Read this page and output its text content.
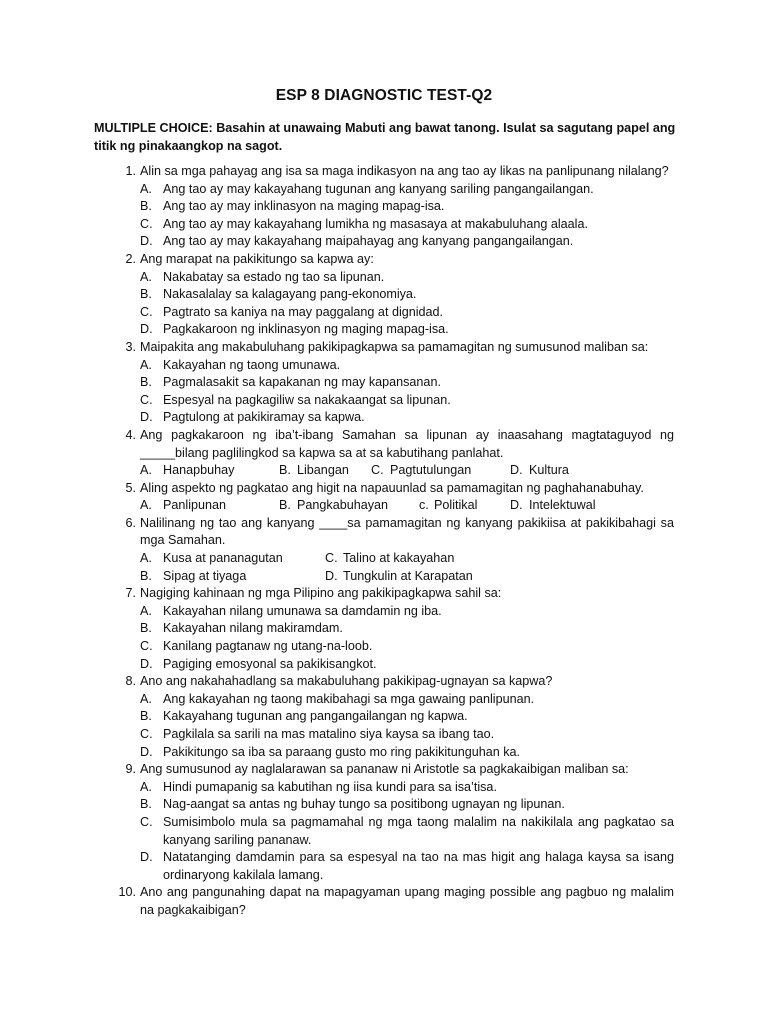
ESP 8 DIAGNOSTIC TEST-Q2
MULTIPLE CHOICE: Basahin at unawaing Mabuti ang bawat tanong. Isulat sa sagutang papel ang titik ng pinakaangkop na sagot.
1. Alin sa mga pahayag ang isa sa maga indikasyon na ang tao ay likas na panlipunang nilalang?
A. Ang tao ay may kakayahang tugunan ang kanyang sariling pangangailangan.
B. Ang tao ay may inklinasyon na maging mapag-isa.
C. Ang tao ay may kakayahang lumikha ng masasaya at makabuluhang alaala.
D. Ang tao ay may kakayahang maipahayag ang kanyang pangangailangan.
2. Ang marapat na pakikitungo sa kapwa ay:
A. Nakabatay sa estado ng tao sa lipunan.
B. Nakasalalay sa kalagayang pang-ekonomiya.
C. Pagtrato sa kaniya na may paggalang at dignidad.
D. Pagkakaroon ng inklinasyon ng maging mapag-isa.
3. Maipakita ang makabuluhang pakikipagkapwa sa pamamagitan ng sumusunod maliban sa:
A. Kakayahan ng taong umunawa.
B. Pagmalasakit sa kapakanan ng may kapansanan.
C. Espesyal na pagkagiliw sa nakakaangat sa lipunan.
D. Pagtulong at pakikiramay sa kapwa.
4. Ang pagkakaroon ng iba’t-ibang Samahan sa lipunan ay inaasahang magtataguyod ng _____bilang paglilingkod sa kapwa sa at sa kabutihang panlahat.
A. Hanapbuhay	B. Libangan C. Pagtutulungan	D. Kultura
5. Aling aspekto ng pagkatao ang higit na napauunlad sa pamamagitan ng paghahanabuhay.
A. Panlipunan	B. Pangkabuhayan c. Politikal	D. Intelektuwal
6. Nalilinang ng tao ang kanyang ____sa pamamagitan ng kanyang pakikiisa at pakikibahagi sa mga Samahan.
A. Kusa at pananagutan	C. Talino at kakayahan
B. Sipag at tiyaga	D. Tungkulin at Karapatan
7. Nagiging kahinaan ng mga Pilipino ang pakikipagkapwa sahil sa:
A. Kakayahan nilang umunawa sa damdamin ng iba.
B. Kakayahan nilang makiramdam.
C. Kanilang pagtanaw ng utang-na-loob.
D. Pagiging emosyonal sa pakikisangkot.
8. Ano ang nakahahadlang sa makabuluhang pakikipag-ugnayan sa kapwa?
A. Ang kakayahan ng taong makibahagi sa mga gawaing panlipunan.
B. Kakayahang tugunan ang pangangailangan ng kapwa.
C. Pagkilala sa sarili na mas matalino siya kaysa sa ibang tao.
D. Pakikitungo sa iba sa paraang gusto mo ring pakikitunguhan ka.
9. Ang sumusunod ay naglalarawan sa pananaw ni Aristotle sa pagkakaibigan maliban sa:
A. Hindi pumapanig sa kabutihan ng iisa kundi para sa isa’tisa.
B. Nag-aangat sa antas ng buhay tungo sa positibong ugnayan ng lipunan.
C. Sumisimbolo mula sa pagmamahal ng mga taong malalim na nakikilala ang pagkatao sa kanyang sariling pananaw.
D. Natatanging damdamin para sa espesyal na tao na mas higit ang halaga kaysa sa isang ordinaryong kakilala lamang.
10. Ano ang pangunahing dapat na mapagyaman upang maging possible ang pagbuo ng malalim na pagkakaibigan?
